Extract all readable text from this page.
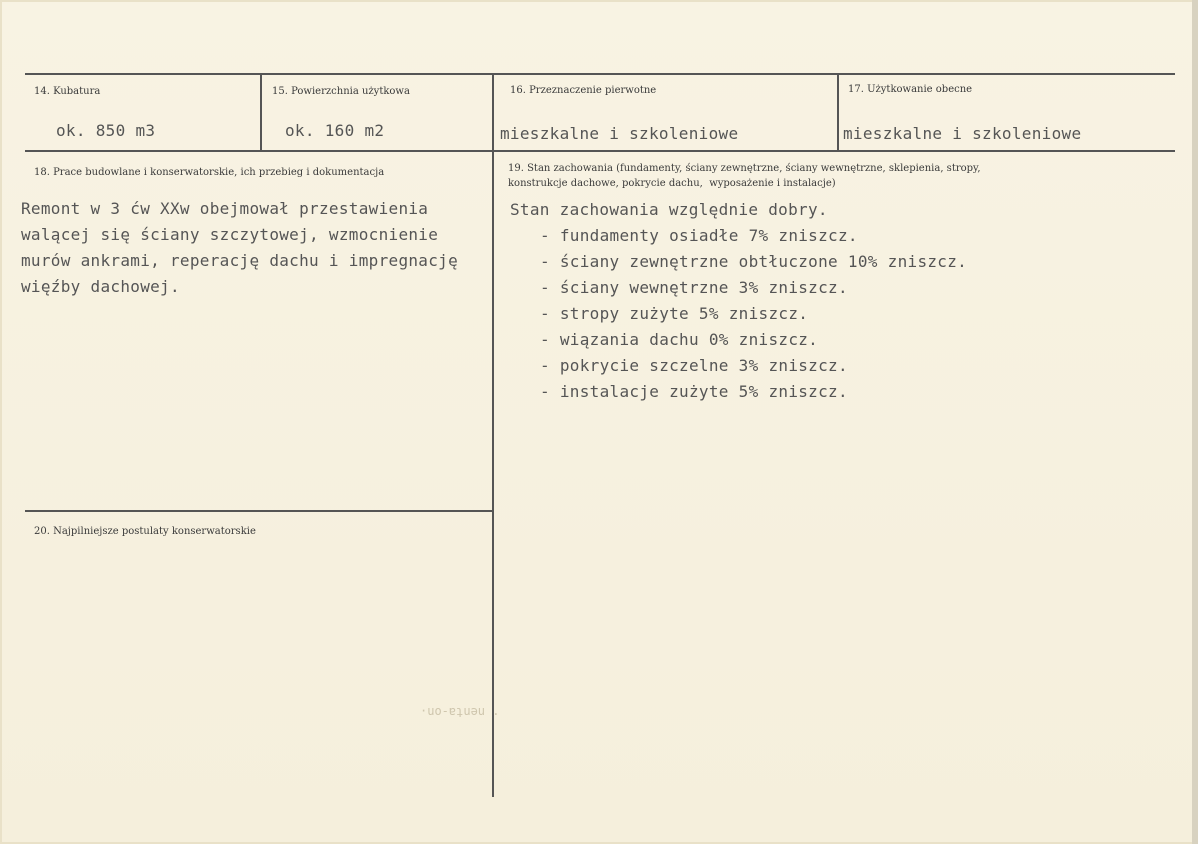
14. Kubatura
ok. 850 m3
15. Powierzchnia użytkowa
ok. 160 m2
16. Przeznaczenie pierwotne
mieszkalne i szkoleniowe
17. Użytkowanie obecne
mieszkalne i szkoleniowe
18. Prace budowlane i konserwatorskie, ich przebieg i dokumentacja
Remont w 3 ćw XXw obejmował przestawienia
walącej się ściany szczytowej, wzmocnienie
murów ankrami, reperację dachu i impregnację
więźby dachowej.
19. Stan zachowania (fundamenty, ściany zewnętrzne, ściany wewnętrzne, sklepienia, stropy,
konstrukcje dachowe, pokrycie dachu,  wyposażenie i instalacje)
Stan zachowania względnie dobry.
- fundamenty osiadłe 7% zniszcz.
- ściany zewnętrzne obtłuczone 10% zniszcz.
- ściany wewnętrzne 3% zniszcz.
- stropy zużyte 5% zniszcz.
- wiązania dachu 0% zniszcz.
- pokrycie szczelne 3% zniszcz.
- instalacje zużyte 5% zniszcz.
20. Najpilniejsze postulaty konserwatorskie
·uo-ɐʇuǝu .
